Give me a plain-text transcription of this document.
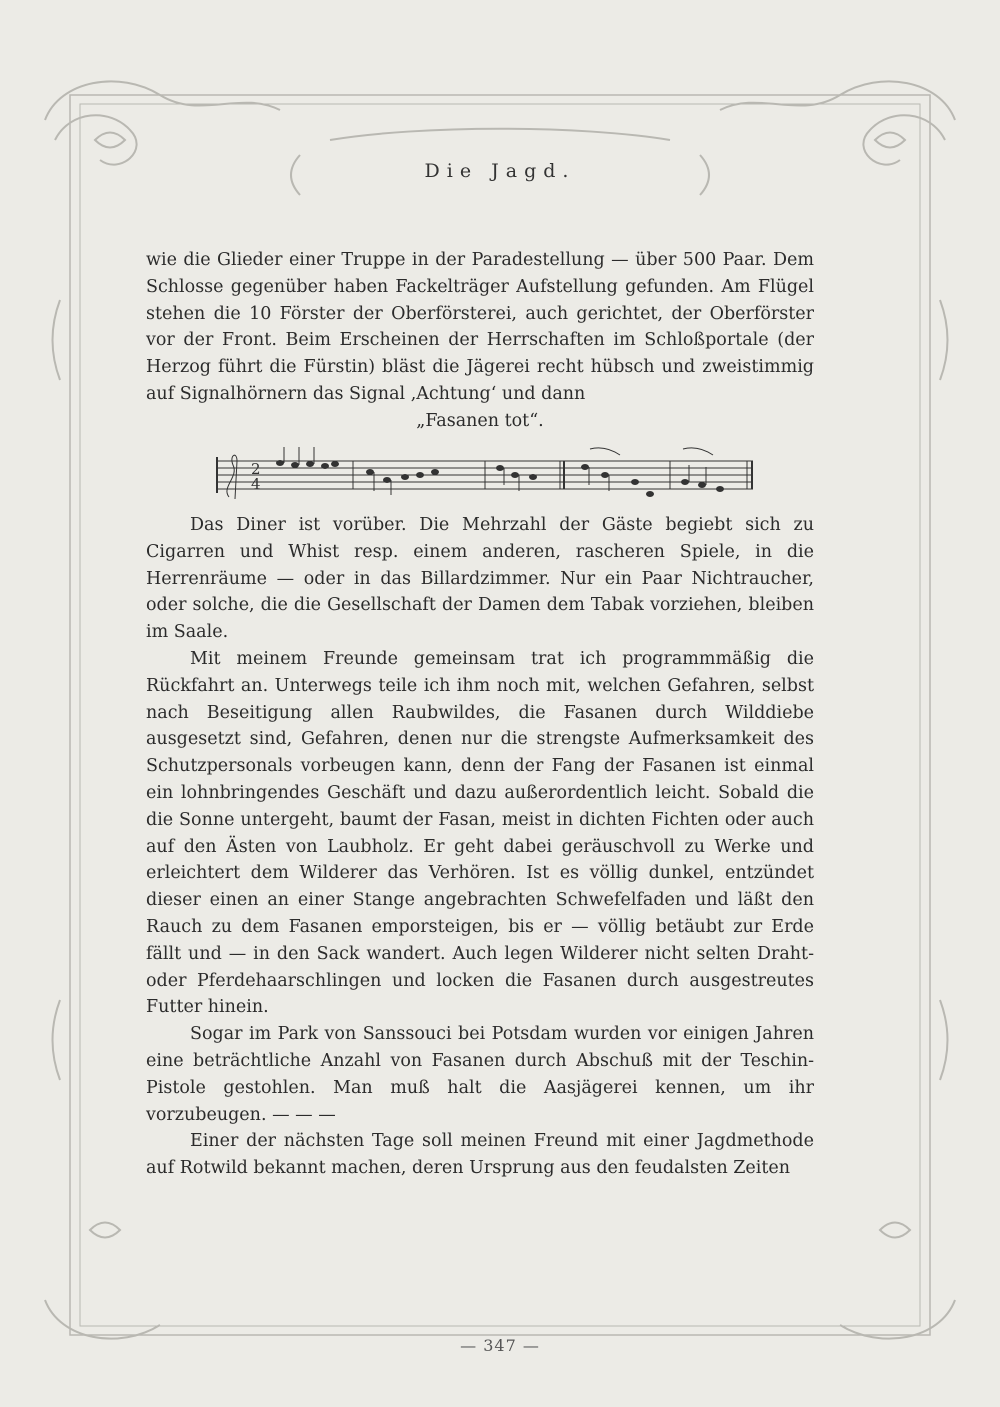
Die Jagd.

wie die Glieder einer Truppe in der Paradestellung — über 500 Paar. Dem Schlosse gegenüber haben Fackelträger Aufstellung gefunden. Am Flügel stehen die 10 Förster der Oberförsterei, auch gerichtet, der Oberförster vor der Front. Beim Erscheinen der Herrschaften im Schloßportale (der Herzog führt die Fürstin) bläst die Jägerei recht hübsch und zweistimmig auf Signalhörnern das Signal ‚Achtung‘ und dann

„Fasanen tot“.

2
4

Das Diner ist vorüber. Die Mehrzahl der Gäste begiebt sich zu Cigarren und Whist resp. einem anderen, rascheren Spiele, in die Herrenräume — oder in das Billardzimmer. Nur ein Paar Nichtraucher, oder solche, die die Gesellschaft der Damen dem Tabak vorziehen, bleiben im Saale.

Mit meinem Freunde gemeinsam trat ich programmmäßig die Rückfahrt an. Unterwegs teile ich ihm noch mit, welchen Gefahren, selbst nach Beseitigung allen Raubwildes, die Fasanen durch Wilddiebe ausgesetzt sind, Gefahren, denen nur die strengste Aufmerksamkeit des Schutzpersonals vorbeugen kann, denn der Fang der Fasanen ist einmal ein lohnbringendes Geschäft und dazu außerordentlich leicht. Sobald die die Sonne untergeht, baumt der Fasan, meist in dichten Fichten oder auch auf den Ästen von Laubholz. Er geht dabei geräuschvoll zu Werke und erleichtert dem Wilderer das Verhören. Ist es völlig dunkel, entzündet dieser einen an einer Stange angebrachten Schwefelfaden und läßt den Rauch zu dem Fasanen emporsteigen, bis er — völlig betäubt zur Erde fällt und — in den Sack wandert. Auch legen Wilderer nicht selten Draht- oder Pferdehaarschlingen und locken die Fasanen durch ausgestreutes Futter hinein.

Sogar im Park von Sanssouci bei Potsdam wurden vor einigen Jahren eine beträchtliche Anzahl von Fasanen durch Abschuß mit der Teschin-Pistole gestohlen. Man muß halt die Aasjägerei kennen, um ihr vorzubeugen. — — —

Einer der nächsten Tage soll meinen Freund mit einer Jagdmethode auf Rotwild bekannt machen, deren Ursprung aus den feudalsten Zeiten

— 347 —
